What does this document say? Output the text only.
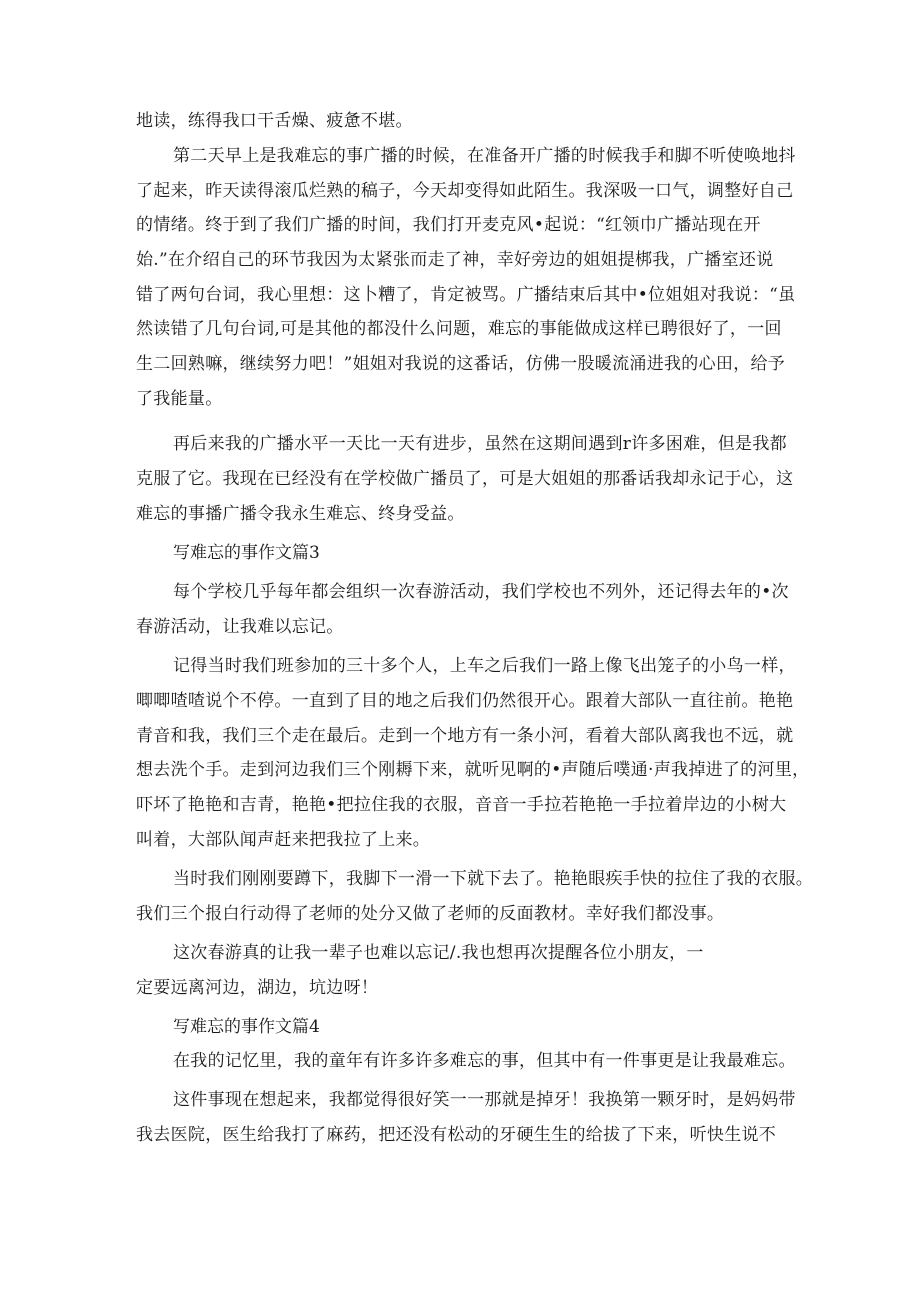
地读，练得我口干舌燥、疲惫不堪。
第二天早上是我难忘的事广播的时候，在准备开广播的时候我手和脚不听使唤地抖
了起来，昨天读得滚瓜烂熟的稿子，今天却变得如此陌生。我深吸一口气，调整好自己
的情绪。终于到了我们广播的时间，我们打开麦克风•起说：“红领巾广播站现在开
始.”在介绍自己的环节我因为太紧张而走了神，幸好旁边的姐姐提梆我，广播室还说
错了两句台词，我心里想：这卜糟了，肯定被骂。广播结束后其中•位姐姐对我说：“虽
然读错了几句台词,可是其他的都没什么问题，难忘的事能做成这样已聘很好了，一回
生二回熟嘛，继续努力吧！”姐姐对我说的这番话，仿佛一股暖流涌进我的心田，给予
了我能量。
再后来我的广播水平一天比一天有进步，虽然在这期间遇到r许多困难，但是我都
克服了它。我现在已经没有在学校做广播员了，可是大姐姐的那番话我却永记于心，这
难忘的事播广播令我永生难忘、终身受益。
写难忘的事作文篇3
每个学校几乎每年都会组织一次春游活动，我们学校也不列外，还记得去年的•次
春游活动，让我难以忘记。
记得当时我们班参加的三十多个人，上车之后我们一路上像飞出笼子的小鸟一样，
唧唧喳喳说个不停。一直到了目的地之后我们仍然很开心。跟着大部队一直往前。艳艳
青音和我，我们三个走在最后。走到一个地方有一条小河，看着大部队离我也不远，就
想去洗个手。走到河边我们三个刚耨下来，就听见啊的•声随后噗通·声我掉进了的河里，
吓坏了艳艳和吉青，艳艳•把拉住我的衣服，音音一手拉若艳艳一手拉着岸边的小树大
叫着，大部队闻声赶来把我拉了上来。
当时我们刚刚要蹲下，我脚下一滑一下就下去了。艳艳眼疾手快的拉住了我的衣服。
我们三个报白行动得了老师的处分又做了老师的反面教材。幸好我们都没事。
这次春游真的让我一辈子也难以忘记/.我也想再次提醒各位小朋友，一
定要远离河边，湖边，坑边呀！
写难忘的事作文篇4
在我的记忆里，我的童年有许多许多难忘的事，但其中有一件事更是让我最难忘。
这件事现在想起来，我都觉得很好笑一一那就是掉牙！我换第一颗牙时，是妈妈带
我去医院，医生给我打了麻药，把还没有松动的牙硬生生的给拔了下来，听快生说不
